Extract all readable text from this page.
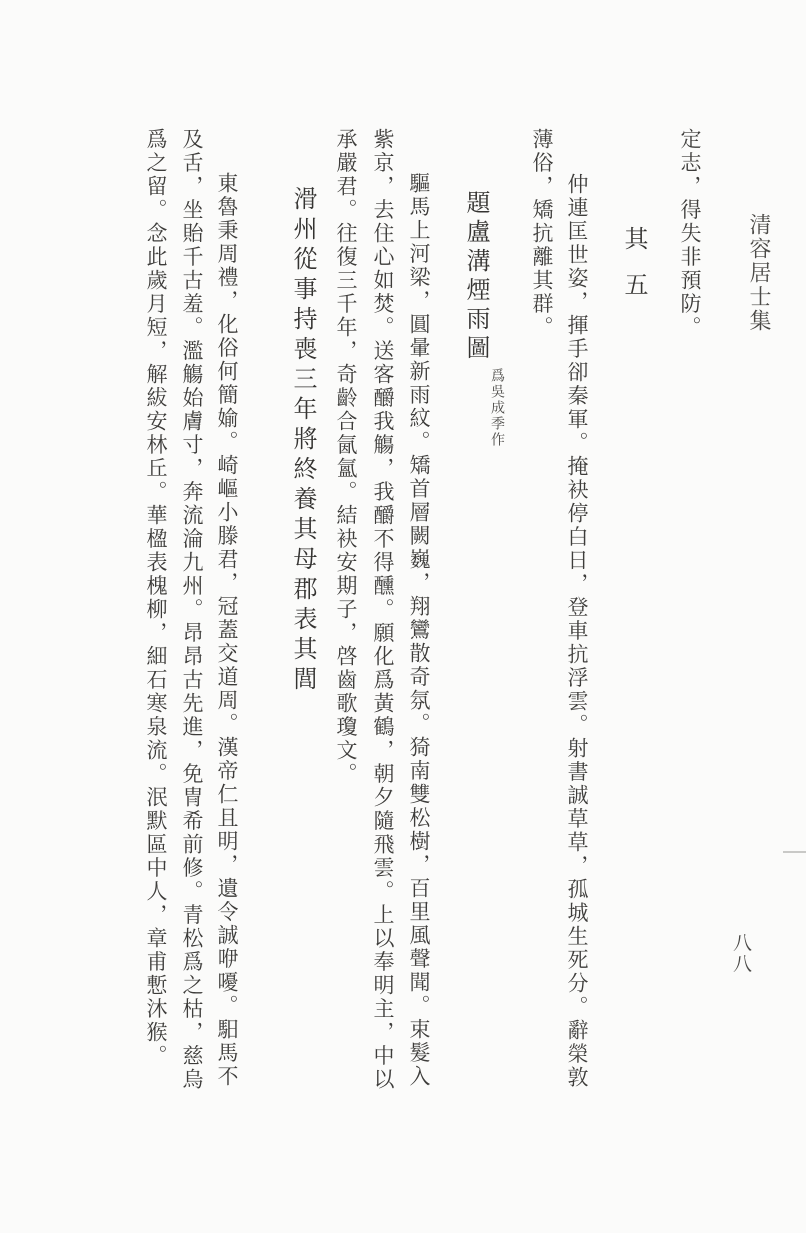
清容居士集
定志，得失非預防。
其五
仲連匡世姿，揮手卻秦軍。掩袂停白日，登車抗浮雲。射書誠草草，孤城生死分。辭榮敦
薄俗，矯抗離其群。
題盧溝煙雨圖
爲吳成季作
驅馬上河梁，圓暈新雨紋。矯首層闕巍，翔鸞散奇氛。猗南雙松樹，百里風聲聞。束髮入
紫京，去住心如焚。送客釂我觴，我釂不得醺。願化爲黃鶴，朝夕隨飛雲。上以奉明主，中以
承嚴君。往復三千年，奇齡合氤氳。結袂安期子，啓齒歌瓊文。
滑州從事持喪三年將終養其母郡表其閭
東魯秉周禮，化俗何簡媮。崎嶇小滕君，冠蓋交道周。漢帝仁且明，遺令誠咿嚘。馹馬不
及舌，坐貽千古羞。濫觴始膚寸，奔流淪九州。昂昂古先進，免冑希前修。青松爲之枯，慈烏
爲之留。念此歲月短，解紱安林丘。華楹表槐柳，細石寒泉流。泯默區中人，章甫慙沐猴。	八八
